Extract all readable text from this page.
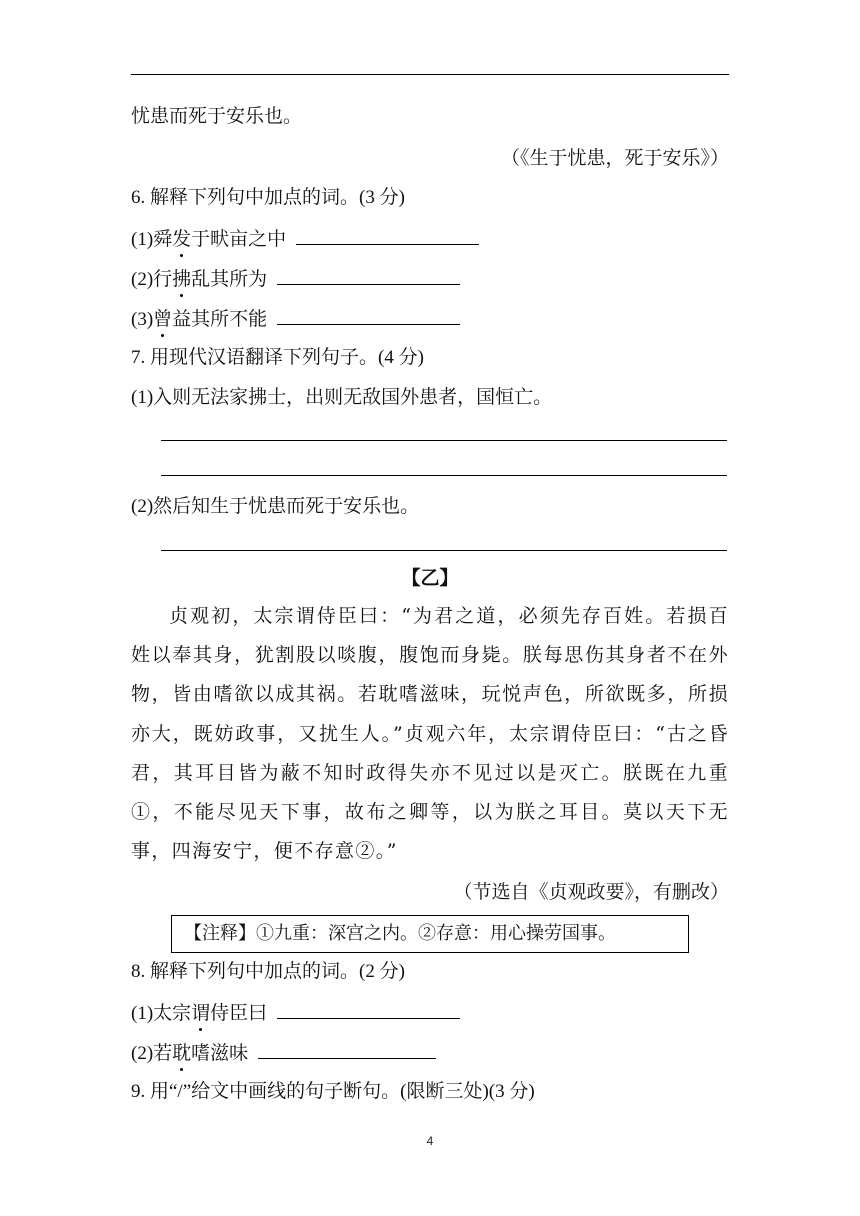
忧患而死于安乐也。
（《生于忧患，死于安乐》）
6. 解释下列句中加点的词。(3 分)
(1)舜发于畎亩之中
(2)行拂乱其所为
(3)曾益其所不能
7. 用现代汉语翻译下列句子。(4 分)
(1)入则无法家拂士，出则无敌国外患者，国恒亡。
(2)然后知生于忧患而死于安乐也。
【乙】
贞观初，太宗谓侍臣曰：“为君之道，必须先存百姓。若损百姓以奉其身，犹割股以啖腹，腹饱而身毙。朕每思伤其身者不在外物，皆由嗜欲以成其祸。若耽嗜滋味，玩悦声色，所欲既多，所损亦大，既妨政事，又扰生人。”贞观六年，太宗谓侍臣曰：“古之昏君，其耳目皆为蔽不知时政得失亦不见过以是灭亡。朕既在九重①，不能尽见天下事，故布之卿等，以为朕之耳目。莫以天下无事，四海安宁，便不存意②。”
（节选自《贞观政要》，有删改）
【注释】①九重：深宫之内。②存意：用心操劳国事。
8. 解释下列句中加点的词。(2 分)
(1)太宗谓侍臣曰
(2)若耽嗜滋味
9. 用“/”给文中画线的句子断句。(限断三处)(3 分)
4
